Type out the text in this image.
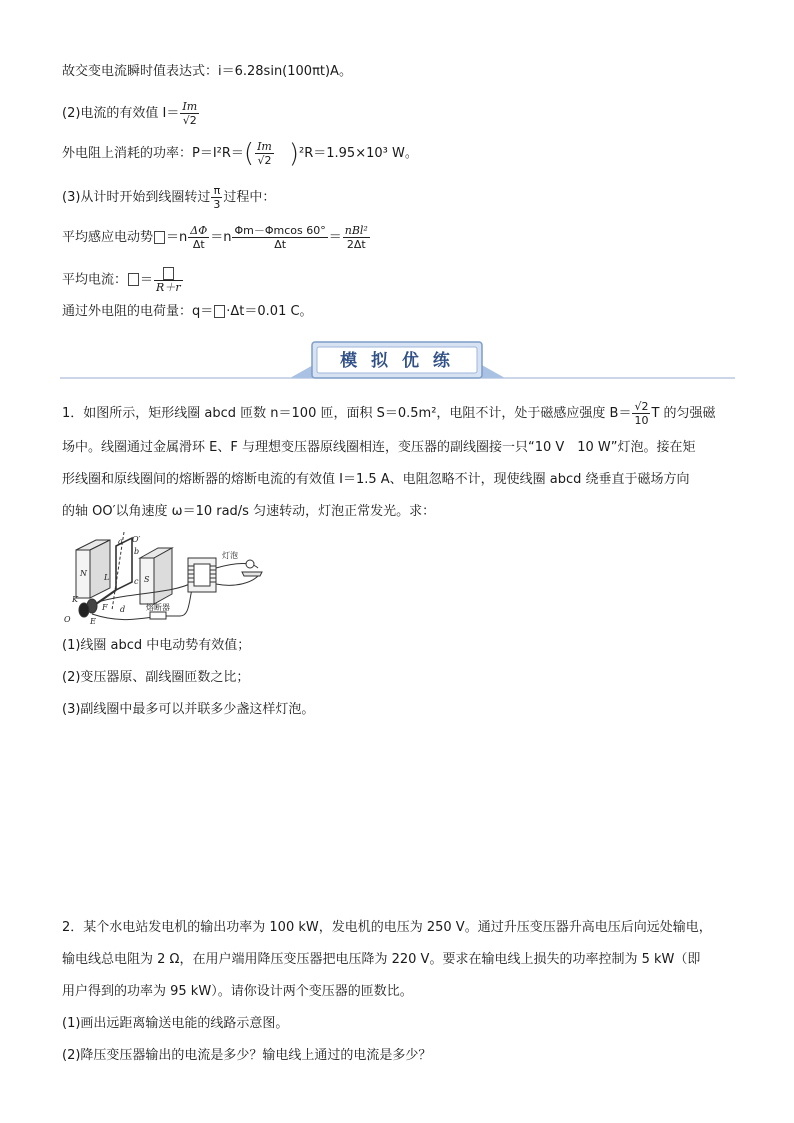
故交变电流瞬时值表达式：i＝6.28sin(100πt)A。
(2)电流的有效值 $I= \frac{Im}{√2}$
外电阻上消耗的功率：$P=I^2R=( \frac{Im}{√2} )^2R=1.95\times 10^3$ W。
(3)从计时开始到线圈转过 $\frac{\pi}{3}$ 过程中：
平均感应电动势 $=n \frac{\Delta\Phi}{\Delta t} =n \frac{\Phi m-\Phi mcos 60^\circ}{\Delta t} = \frac{\text{nBl²}}{2\Delta t}$
平均电流： ＝ R＋r
通过外电阻的电荷量：q＝ ·Δt＝0.01 C。
模 拟 优 练
1．如图所示，矩形线圈 abcd 匝数 n＝100 匝，面积 S＝0.5m²，电阻不计，处于磁感应强度 $B= \frac{√2}{10}$ T 的匀强磁
场中。线圈通过金属滑环 E、F 与理想变压器原线圈相连，变压器的副线圈接一只“10 V　10 W”灯泡。接在矩
形线圈和原线圈间的熔断器的熔断电流的有效值 I＝1.5 A、电阻忽略不计，现使线圈 abcd 绕垂直于磁场方向
的轴 OO′以角速度 ω＝10 rad/s 匀速转动，灯泡正常发光。求：
N
S
O′
a
b
c
d
L
K
F
E
O
熔断器
灯泡
(1)线圈 abcd 中电动势有效值；
(2)变压器原、副线圈匝数之比；
(3)副线圈中最多可以并联多少盏这样灯泡。
2．某个水电站发电机的输出功率为 100 kW，发电机的电压为 250 V。通过升压变压器升高电压后向远处输电，
输电线总电阻为 2 Ω，在用户端用降压变压器把电压降为 220 V。要求在输电线上损失的功率控制为 5 kW（即
用户得到的功率为 95 kW）。请你设计两个变压器的匝数比。
(1)画出远距离输送电能的线路示意图。
(2)降压变压器输出的电流是多少？输电线上通过的电流是多少？
